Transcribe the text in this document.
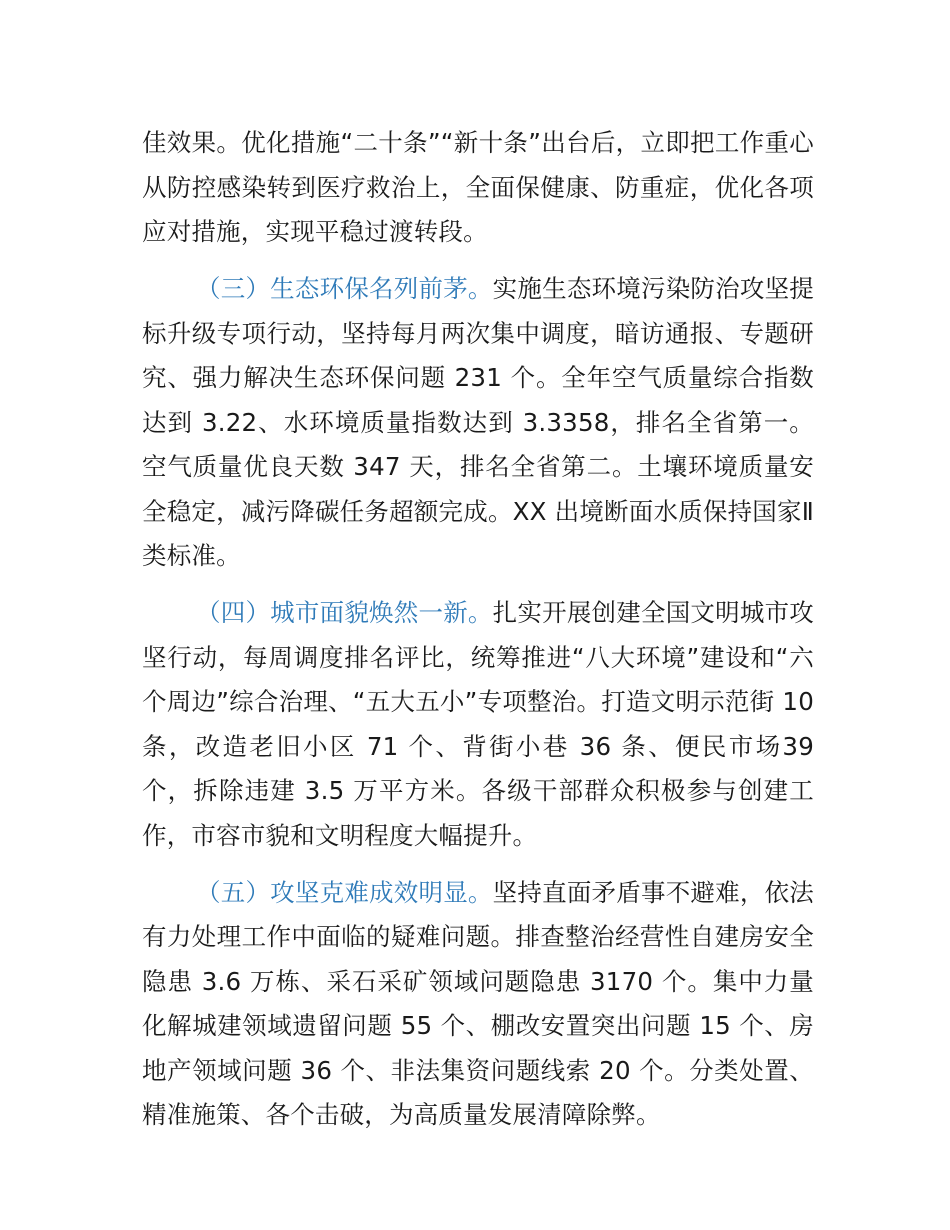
佳效果。优化措施“二十条”“新十条”出台后，立即把工作重心从防控感染转到医疗救治上，全面保健康、防重症，优化各项应对措施，实现平稳过渡转段。

（三）生态环保名列前茅。实施生态环境污染防治攻坚提标升级专项行动，坚持每月两次集中调度，暗访通报、专题研究、强力解决生态环保问题 231 个。全年空气质量综合指数达到 3.22、水环境质量指数达到 3.3358，排名全省第一。空气质量优良天数 347 天，排名全省第二。土壤环境质量安全稳定，减污降碳任务超额完成。XX 出境断面水质保持国家Ⅱ类标准。

（四）城市面貌焕然一新。扎实开展创建全国文明城市攻坚行动，每周调度排名评比，统筹推进“八大环境”建设和“六个周边”综合治理、“五大五小”专项整治。打造文明示范街 10 条，改造老旧小区 71 个、背街小巷 36 条、便民市场39 个，拆除违建 3.5 万平方米。各级干部群众积极参与创建工作，市容市貌和文明程度大幅提升。

（五）攻坚克难成效明显。坚持直面矛盾事不避难，依法有力处理工作中面临的疑难问题。排查整治经营性自建房安全隐患 3.6 万栋、采石采矿领域问题隐患 3170 个。集中力量化解城建领域遗留问题 55 个、棚改安置突出问题 15 个、房地产领域问题 36 个、非法集资问题线索 20 个。分类处置、精准施策、各个击破，为高质量发展清障除弊。
